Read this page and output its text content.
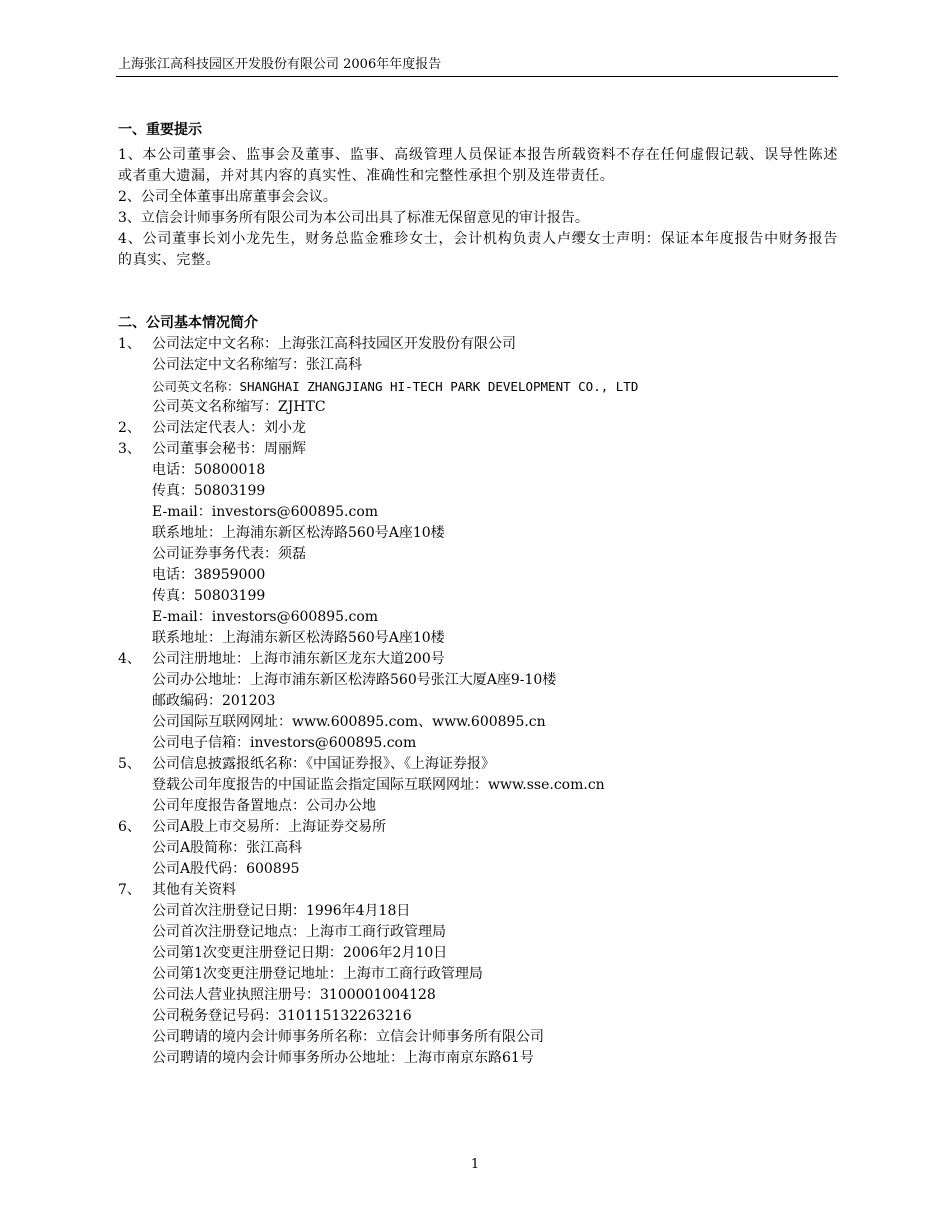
上海张江高科技园区开发股份有限公司 2006年年度报告
一、重要提示

1、本公司董事会、监事会及董事、监事、高级管理人员保证本报告所载资料不存在任何虚假记载、误导性陈述或者重大遗漏，并对其内容的真实性、准确性和完整性承担个别及连带责任。

2、公司全体董事出席董事会会议。

3、立信会计师事务所有限公司为本公司出具了标准无保留意见的审计报告。

4、公司董事长刘小龙先生，财务总监金雅珍女士，会计机构负责人卢缨女士声明：保证本年度报告中财务报告的真实、完整。

二、公司基本情况简介
1、 公司法定中文名称：上海张江高科技园区开发股份有限公司
公司法定中文名称缩写：张江高科
公司英文名称：SHANGHAI ZHANGJIANG HI-TECH PARK DEVELOPMENT CO., LTD
公司英文名称缩写：ZJHTC
2、 公司法定代表人：刘小龙
3、 公司董事会秘书：周丽辉
电话：50800018
传真：50803199
E-mail：investors@600895.com
联系地址：上海浦东新区松涛路560号A座10楼
公司证券事务代表：须磊
电话：38959000
传真：50803199
E-mail：investors@600895.com
联系地址：上海浦东新区松涛路560号A座10楼
4、 公司注册地址：上海市浦东新区龙东大道200号
公司办公地址：上海市浦东新区松涛路560号张江大厦A座9-10楼
邮政编码：201203
公司国际互联网网址：www.600895.com、www.600895.cn
公司电子信箱：investors@600895.com
5、 公司信息披露报纸名称：《中国证券报》、《上海证券报》
登载公司年度报告的中国证监会指定国际互联网网址：www.sse.com.cn
公司年度报告备置地点：公司办公地
6、 公司A股上市交易所：上海证券交易所
公司A股简称：张江高科
公司A股代码：600895
7、 其他有关资料
公司首次注册登记日期：1996年4月18日
公司首次注册登记地点：上海市工商行政管理局
公司第1次变更注册登记日期：2006年2月10日
公司第1次变更注册登记地址：上海市工商行政管理局
公司法人营业执照注册号：3100001004128
公司税务登记号码：310115132263216
公司聘请的境内会计师事务所名称：立信会计师事务所有限公司
公司聘请的境内会计师事务所办公地址：上海市南京东路61号
1
